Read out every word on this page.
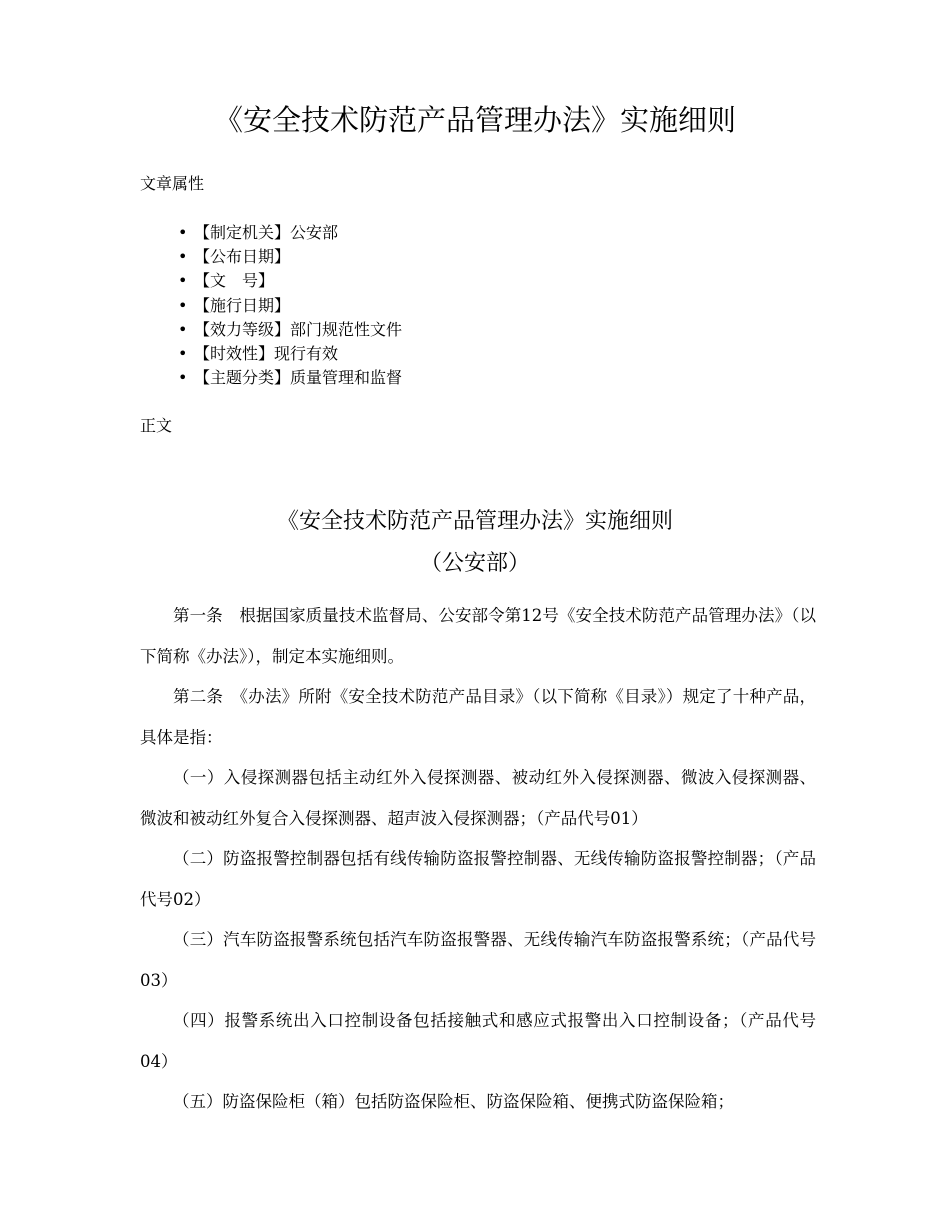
《安全技术防范产品管理办法》实施细则
文章属性
• 【制定机关】公安部
• 【公布日期】
• 【文　号】
• 【施行日期】
• 【效力等级】部门规范性文件
• 【时效性】现行有效
• 【主题分类】质量管理和监督
正文
《安全技术防范产品管理办法》实施细则
（公安部）

第一条　根据国家质量技术监督局、公安部令第12号《安全技术防范产品管理办法》（以下简称《办法》），制定本实施细则。

第二条　《办法》所附《安全技术防范产品目录》（以下简称《目录》）规定了十种产品，具体是指：

（一）入侵探测器包括主动红外入侵探测器、被动红外入侵探测器、微波入侵探测器、微波和被动红外复合入侵探测器、超声波入侵探测器；（产品代号01）

（二）防盗报警控制器包括有线传输防盗报警控制器、无线传输防盗报警控制器；（产品代号02）

（三）汽车防盗报警系统包括汽车防盗报警器、无线传输汽车防盗报警系统；（产品代号03）

（四）报警系统出入口控制设备包括接触式和感应式报警出入口控制设备；（产品代号04）

（五）防盗保险柜（箱）包括防盗保险柜、防盗保险箱、便携式防盗保险箱；
